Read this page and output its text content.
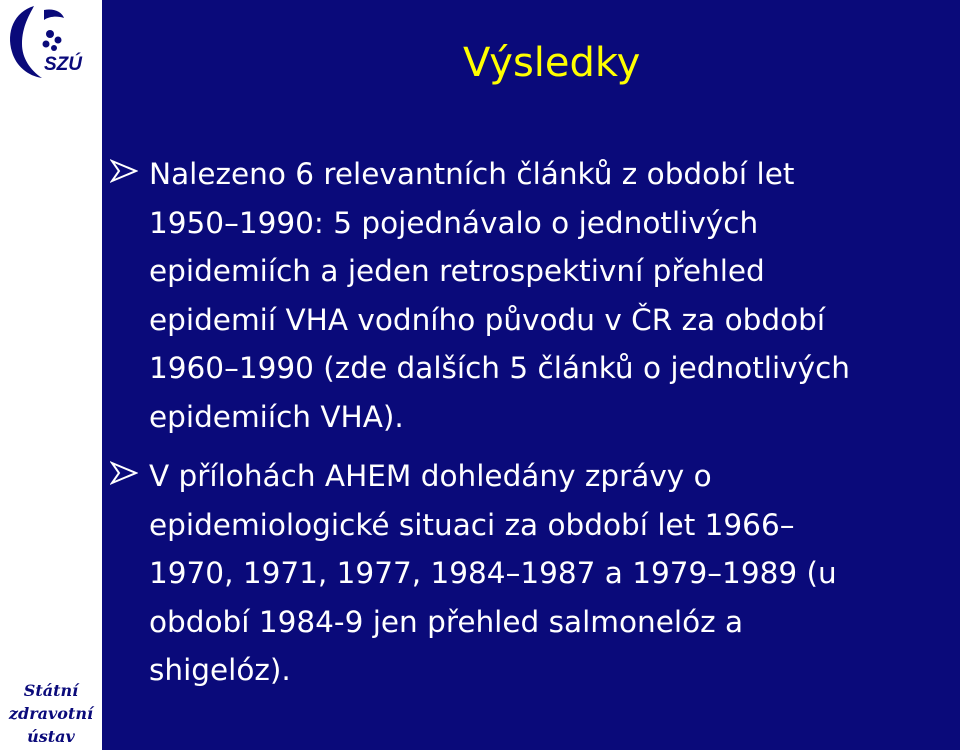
SZÚ
Státní
zdravotní
ústav
Výsledky
Nalezeno 6 relevantních článků z období let
1950–1990: 5 pojednávalo o jednotlivých
epidemiích a jeden retrospektivní přehled
epidemií VHA vodního původu v ČR za období
1960–1990 (zde dalších 5 článků o jednotlivých
epidemiích VHA).
V přílohách AHEM dohledány zprávy o
epidemiologické situaci za období let 1966–
1970, 1971, 1977, 1984–1987 a 1979–1989 (u
období 1984-9 jen přehled salmonelóz a
shigelóz).
